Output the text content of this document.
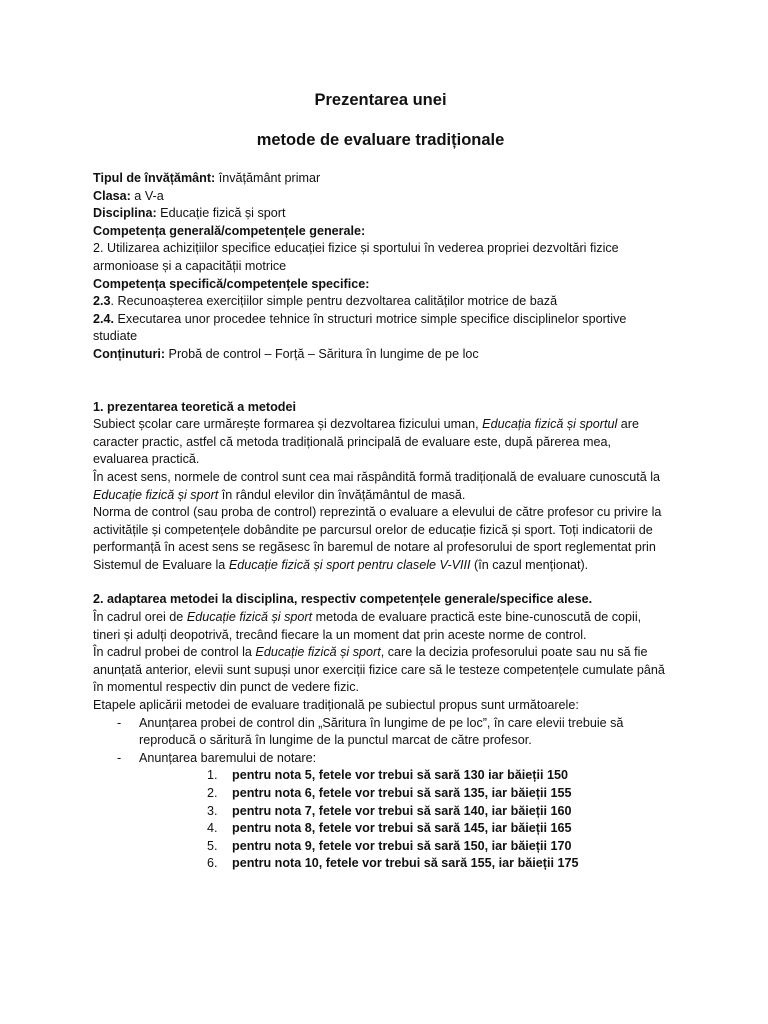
Prezentarea unei
metode de evaluare tradiționale

Tipul de învățământ: învățământ primar

Clasa: a V-a

Disciplina: Educație fizică și sport

Competența generală/competențele generale:

2. Utilizarea achizițiilor specifice educației fizice și sportului în vederea propriei dezvoltări fizice armonioase și a capacității motrice

Competența specifică/competențele specifice:

2.3. Recunoașterea exercițiilor simple pentru dezvoltarea calităților motrice de bază

2.4. Executarea unor procedee tehnice în structuri motrice simple specifice disciplinelor sportive studiate

Conținuturi: Probă de control – Forță – Săritura în lungime de pe loc

1. prezentarea teoretică a metodei

Subiect școlar care urmărește formarea și dezvoltarea fizicului uman, Educația fizică și sportul are caracter practic, astfel că metoda tradițională principală de evaluare este, după părerea mea, evaluarea practică.

În acest sens, normele de control sunt cea mai răspândită formă tradițională de evaluare cunoscută la Educație fizică și sport în rândul elevilor din învățământul de masă.

Norma de control (sau proba de control) reprezintă o evaluare a elevului de către profesor cu privire la activitățile și competențele dobândite pe parcursul orelor de educație fizică și sport. Toți indicatorii de performanță în acest sens se regăsesc în baremul de notare al profesorului de sport reglementat prin Sistemul de Evaluare la Educație fizică și sport pentru clasele V-VIII (în cazul menționat).

2. adaptarea metodei la disciplina, respectiv competențele generale/specifice alese.

În cadrul orei de Educație fizică și sport metoda de evaluare practică este bine-cunoscută de copii, tineri și adulți deopotrivă, trecând fiecare la un moment dat prin aceste norme de control.

În cadrul probei de control la Educație fizică și sport, care la decizia profesorului poate sau nu să fie anunțată anterior, elevii sunt supuși unor exerciții fizice care să le testeze competențele cumulate până în momentul respectiv din punct de vedere fizic.

Etapele aplicării metodei de evaluare tradițională pe subiectul propus sunt următoarele:

- Anunțarea probei de control din „Săritura în lungime de pe loc”, în care elevii trebuie să reproducă o săritură în lungime de la punctul marcat de către profesor.
- Anunțarea baremului de notare:
1. pentru nota 5, fetele vor trebui să sară 130 iar băieții 150
2. pentru nota 6, fetele vor trebui să sară 135, iar băieții 155
3. pentru nota 7, fetele vor trebui să sară 140, iar băieții 160
4. pentru nota 8, fetele vor trebui să sară 145, iar băieții 165
5. pentru nota 9, fetele vor trebui să sară 150, iar băieții 170
6. pentru nota 10, fetele vor trebui să sară 155, iar băieții 175
